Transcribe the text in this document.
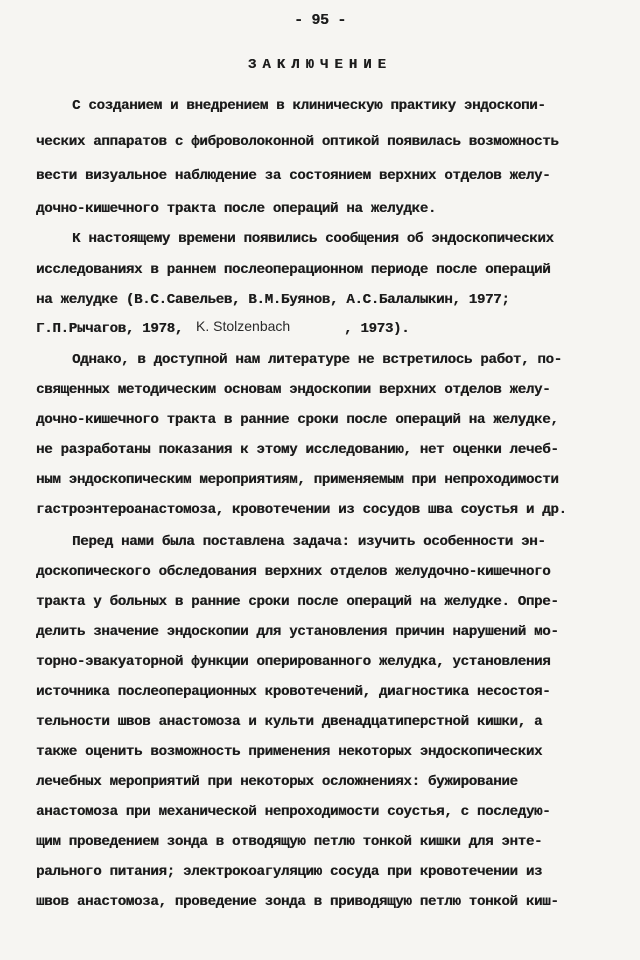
- 95 -
ЗАКЛЮЧЕНИЕ
С созданием и внедрением в клиническую практику эндоскопи-
ческих аппаратов с фиброволоконной оптикой появилась возможность
вести визуальное наблюдение за состоянием верхних отделов желу-
дочно-кишечного тракта после операций на желудке.
К настоящему времени появились сообщения об эндоскопических
исследованиях в раннем послеоперационном периоде после операций
на желудке (В.С.Савельев, В.М.Буянов, А.С.Балалыкин, 1977;
Г.П.Рычагов, 1978, K. Stolzenbach	, 1973).
Однако, в доступной нам литературе не встретилось работ, по-
священных методическим основам эндоскопии верхних отделов желу-
дочно-кишечного тракта в ранние сроки после операций на желудке,
не разработаны показания к этому исследованию, нет оценки лечеб-
ным эндоскопическим мероприятиям, применяемым при непроходимости
гастроэнтероанастомоза, кровотечении из сосудов шва соустья и др.
Перед нами была поставлена задача: изучить особенности эн-
доскопического обследования верхних отделов желудочно-кишечного
тракта у больных в ранние сроки после операций на желудке. Опре-
делить значение эндоскопии для установления причин нарушений мо-
торно-эвакуаторной функции оперированного желудка, установления
источника послеоперационных кровотечений, диагностика несостоя-
тельности швов анастомоза и культи двенадцатиперстной кишки, а
также оценить возможность применения некоторых эндоскопических
лечебных мероприятий при некоторых осложнениях: бужирование
анастомоза при механической непроходимости соустья, с последую-
щим проведением зонда в отводящую петлю тонкой кишки для энте-
рального питания; электрокоагуляцию сосуда при кровотечении из
швов анастомоза, проведение зонда в приводящую петлю тонкой киш-
